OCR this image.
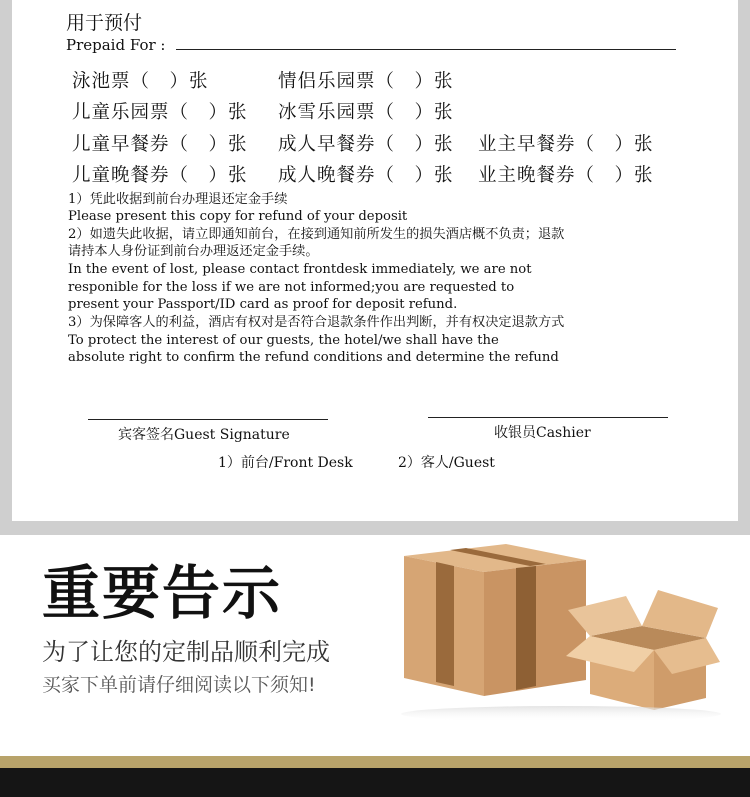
用于预付
Prepaid For :
泳池票（　）张	情侣乐园票（　）张
儿童乐园票（　）张 冰雪乐园票（　）张
儿童早餐券（　）张 成人早餐券（　）张 业主早餐券（　）张
儿童晚餐券（　）张 成人晚餐券（　）张 业主晚餐券（　）张
1）凭此收据到前台办理退还定金手续
Please present this copy for refund of your deposit
2）如遗失此收据，请立即通知前台，在接到通知前所发生的损失酒店概不负责；退款
请持本人身份证到前台办理返还定金手续。
In the event of lost, please contact frontdesk immediately, we are not
responible for the loss if we are not informed;you are requested to
present your Passport/ID card as proof for deposit refund.
3）为保障客人的利益，酒店有权对是否符合退款条件作出判断，并有权决定退款方式
To protect the interest of our guests, the hotel/we shall have the
absolute right to confirm the refund conditions and determine the refund
宾客签名Guest Signature	收银员Cashier
1）前台/Front Desk	2）客人/Guest
重要告示
为了让您的定制品顺利完成
买家下单前请仔细阅读以下须知!
